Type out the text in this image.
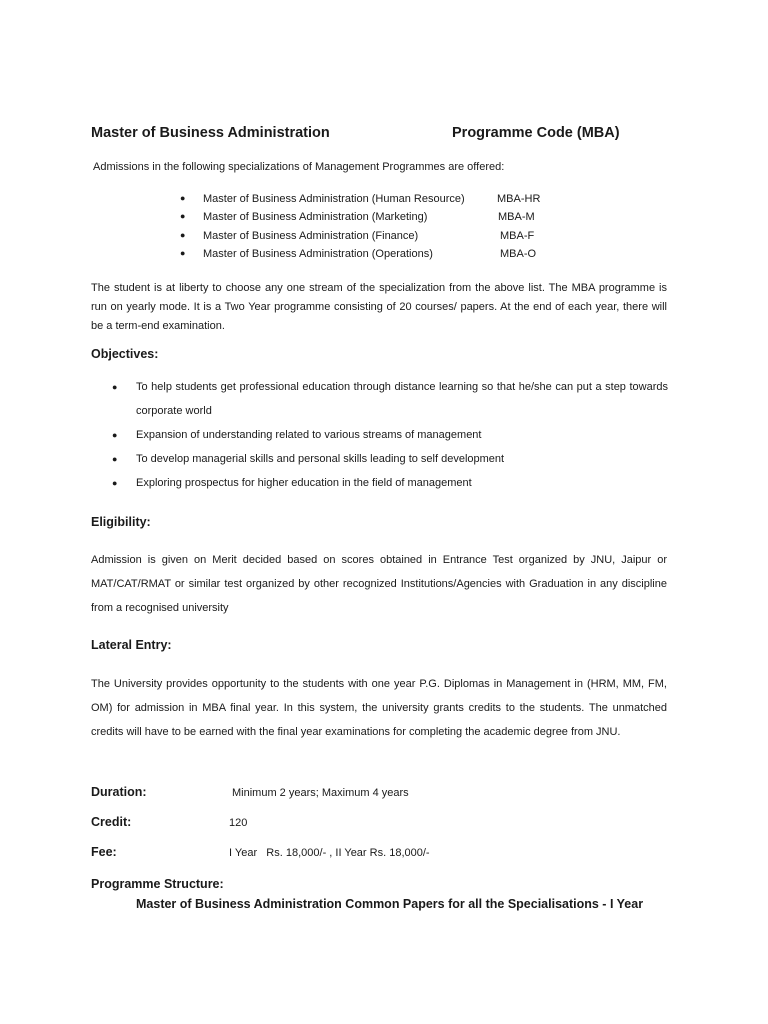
Master of Business Administration	Programme Code (MBA)
Admissions in the following specializations of Management Programmes are offered:
● Master of Business Administration (Human Resource)	MBA-HR
● Master of Business Administration (Marketing)	MBA-M
● Master of Business Administration (Finance)	MBA-F
● Master of Business Administration (Operations)	MBA-O
The student is at liberty to choose any one stream of the specialization from the above list. The MBA programme is run on yearly mode. It is a Two Year programme consisting of 20 courses/ papers. At the end of each year, there will be a term-end examination.
Objectives:
● To help students get professional education through distance learning so that he/she can put a step towards corporate world
● Expansion of understanding related to various streams of management
● To develop managerial skills and personal skills leading to self development
● Exploring prospectus for higher education in the field of management
Eligibility:
Admission is given on Merit decided based on scores obtained in Entrance Test organized by JNU, Jaipur or MAT/CAT/RMAT or similar test organized by other recognized Institutions/Agencies with Graduation in any discipline from a recognised university
Lateral Entry:
The University provides opportunity to the students with one year P.G. Diplomas in Management in (HRM, MM, FM, OM) for admission in MBA final year. In this system, the university grants credits to the students. The unmatched credits will have to be earned with the final year examinations for completing the academic degree from JNU.
Duration:	Minimum 2 years; Maximum 4 years
Credit:	120
Fee:	I Year   Rs. 18,000/- , II Year Rs. 18,000/-
Programme Structure:
Master of Business Administration Common Papers for all the Specialisations - I Year
